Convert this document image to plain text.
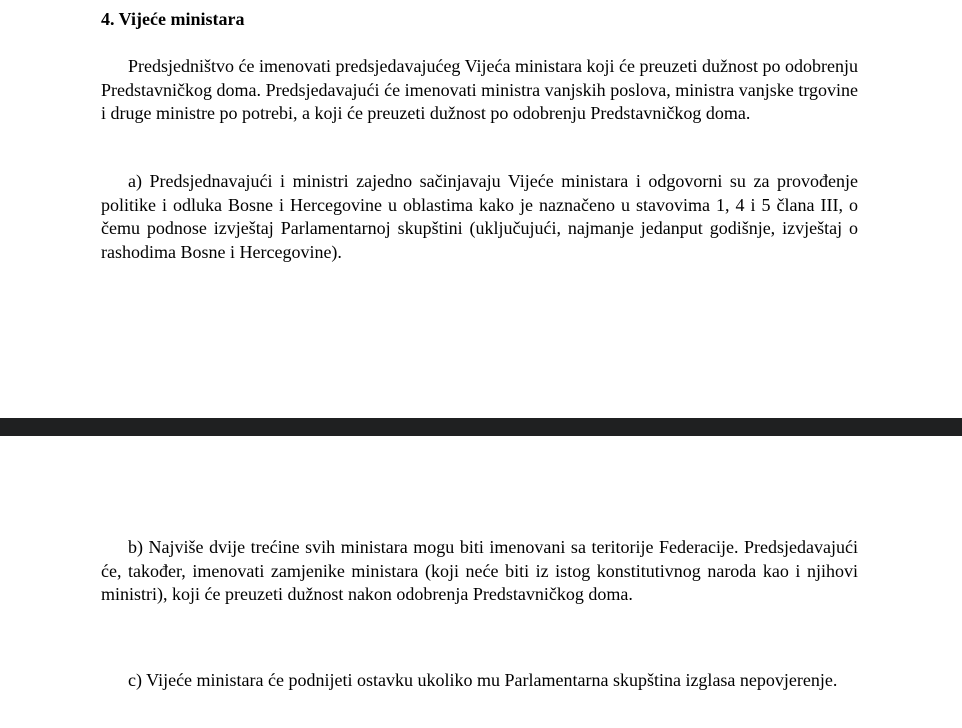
4. Vijeće ministara

Predsjedništvo će imenovati predsjedavajućeg Vijeća ministara koji će preuzeti dužnost po odobrenju Predstavničkog doma. Predsjedavajući će imenovati ministra vanjskih poslova, ministra vanjske trgovine i druge ministre po potrebi, a koji će preuzeti dužnost po odobrenju Predstavničkog doma.

a) Predsjednavajući i ministri zajedno sačinjavaju Vijeće ministara i odgovorni su za provođenje politike i odluka Bosne i Hercegovine u oblastima kako je naznačeno u stavovima 1, 4 i 5 člana III, o čemu podnose izvještaj Parlamentarnoj skupštini (uključujući, najmanje jedanput godišnje, izvještaj o rashodima Bosne i Hercegovine).

b) Najviše dvije trećine svih ministara mogu biti imenovani sa teritorije Federacije. Predsjedavajući će, također, imenovati zamjenike ministara (koji neće biti iz istog konstitutivnog naroda kao i njihovi ministri), koji će preuzeti dužnost nakon odobrenja Predstavničkog doma.

c) Vijeće ministara će podnijeti ostavku ukoliko mu Parlamentarna skupština izglasa nepovjerenje.
